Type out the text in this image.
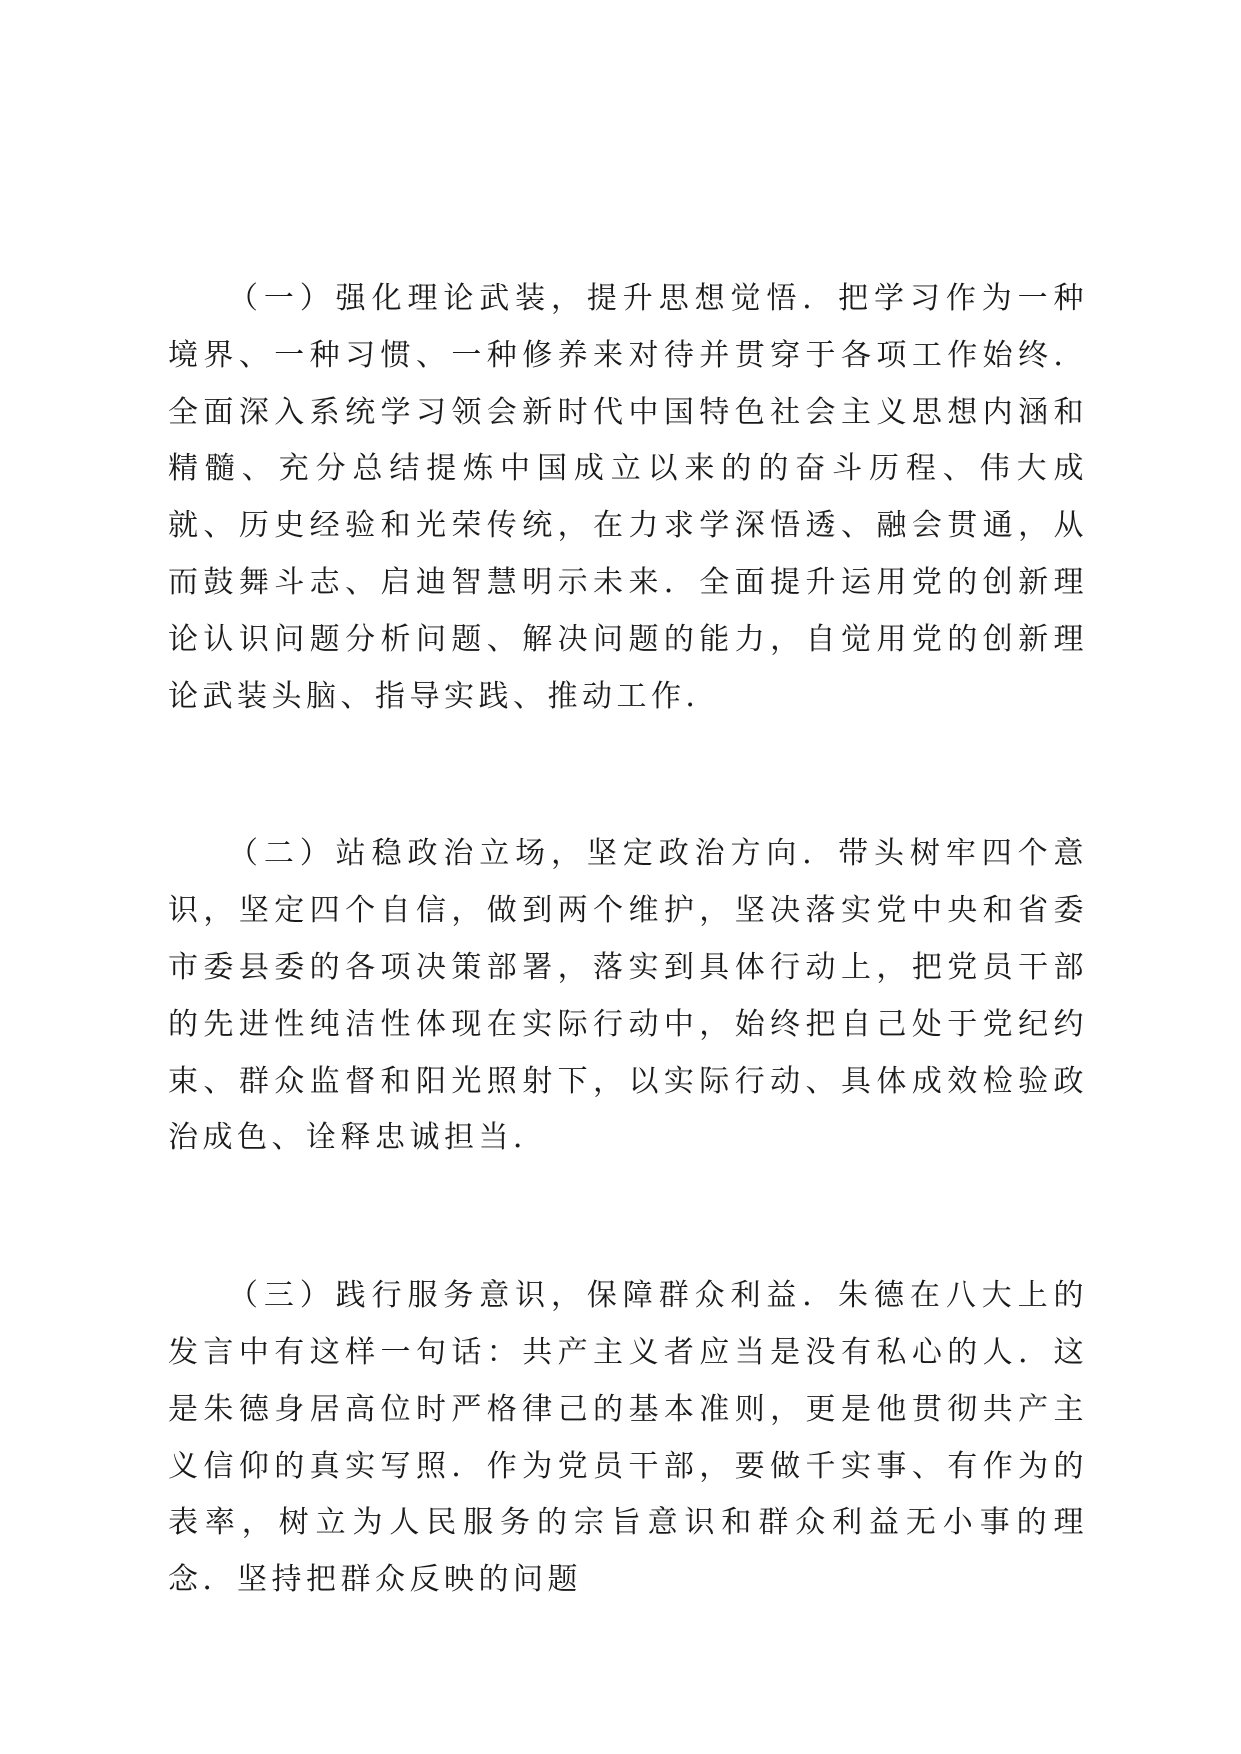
（一）强化理论武装，提升思想觉悟．把学习作为一种境界、一种习惯、一种修养来对待并贯穿于各项工作始终．全面深入系统学习领会新时代中国特色社会主义思想内涵和精髓、充分总结提炼中国成立以来的的奋斗历程、伟大成就、历史经验和光荣传统，在力求学深悟透、融会贯通，从而鼓舞斗志、启迪智慧明示未来．全面提升运用党的创新理论认识问题分析问题、解决问题的能力，自觉用党的创新理论武装头脑、指导实践、推动工作．

（二）站稳政治立场，坚定政治方向．带头树牢四个意识，坚定四个自信，做到两个维护，坚决落实党中央和省委市委县委的各项决策部署，落实到具体行动上，把党员干部的先进性纯洁性体现在实际行动中，始终把自己处于党纪约束、群众监督和阳光照射下，以实际行动、具体成效检验政治成色、诠释忠诚担当．

（三）践行服务意识，保障群众利益．朱德在八大上的发言中有这样一句话：共产主义者应当是没有私心的人．这是朱德身居高位时严格律己的基本准则，更是他贯彻共产主义信仰的真实写照．作为党员干部，要做千实事、有作为的表率，树立为人民服务的宗旨意识和群众利益无小事的理念．坚持把群众反映的问题
